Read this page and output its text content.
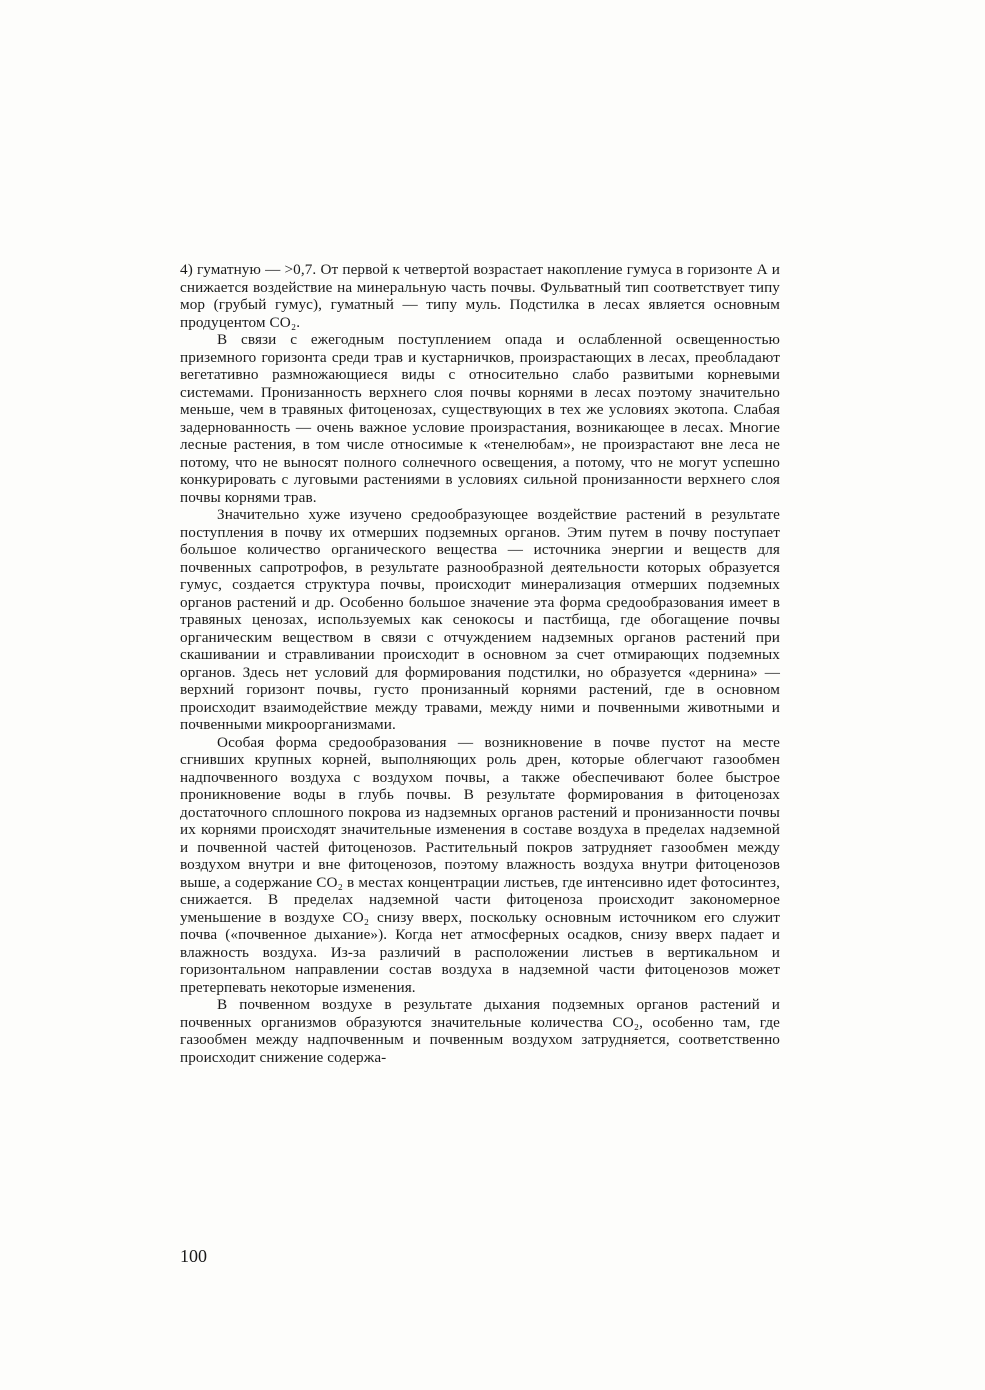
4) гуматную — >0,7. От первой к четвертой возрастает накопление гумуса в горизонте А и снижается воздействие на минеральную часть почвы. Фульватный тип соответствует типу мор (грубый гумус), гуматный — типу муль. Подстилка в лесах является основным продуцентом CO₂.

В связи с ежегодным поступлением опада и ослабленной освещенностью приземного горизонта среди трав и кустарничков, произрастающих в лесах, преобладают вегетативно размножающиеся виды с относительно слабо развитыми корневыми системами. Пронизанность верхнего слоя почвы корнями в лесах поэтому значительно меньше, чем в травяных фитоценозах, существующих в тех же условиях экотопа. Слабая задернованность — очень важное условие произрастания, возникающее в лесах. Многие лесные растения, в том числе относимые к «тенелюбам», не произрастают вне леса не потому, что не выносят полного солнечного освещения, а потому, что не могут успешно конкурировать с луговыми растениями в условиях сильной пронизанности верхнего слоя почвы корнями трав.

Значительно хуже изучено средообразующее воздействие растений в результате поступления в почву их отмерших подземных органов. Этим путем в почву поступает большое количество органического вещества — источника энергии и веществ для почвенных сапротрофов, в результате разнообразной деятельности которых образуется гумус, создается структура почвы, происходит минерализация отмерших подземных органов растений и др. Особенно большое значение эта форма средообразования имеет в травяных ценозах, используемых как сенокосы и пастбища, где обогащение почвы органическим веществом в связи с отчуждением надземных органов растений при скашивании и стравливании происходит в основном за счет отмирающих подземных органов. Здесь нет условий для формирования подстилки, но образуется «дернина» — верхний горизонт почвы, густо пронизанный корнями растений, где в основном происходит взаимодействие между травами, между ними и почвенными животными и почвенными микроорганизмами.

Особая форма средообразования — возникновение в почве пустот на месте сгнивших крупных корней, выполняющих роль дрен, которые облегчают газообмен надпочвенного воздуха с воздухом почвы, а также обеспечивают более быстрое проникновение воды в глубь почвы. В результате формирования в фитоценозах достаточного сплошного покрова из надземных органов растений и пронизанности почвы их корнями происходят значительные изменения в составе воздуха в пределах надземной и почвенной частей фитоценозов. Растительный покров затрудняет газообмен между воздухом внутри и вне фитоценозов, поэтому влажность воздуха внутри фитоценозов выше, а содержание CO₂ в местах концентрации листьев, где интенсивно идет фотосинтез, снижается. В пределах надземной части фитоценоза происходит закономерное уменьшение в воздухе CO₂ снизу вверх, поскольку основным источником его служит почва («почвенное дыхание»). Когда нет атмосферных осадков, снизу вверх падает и влажность воздуха. Из-за различий в расположении листьев в вертикальном и горизонтальном направлении состав воздуха в надземной части фитоценозов может претерпевать некоторые изменения.

В почвенном воздухе в результате дыхания подземных органов растений и почвенных организмов образуются значительные количества CO₂, особенно там, где газообмен между надпочвенным и почвенным воздухом затрудняется, соответственно происходит снижение содержа-

100
